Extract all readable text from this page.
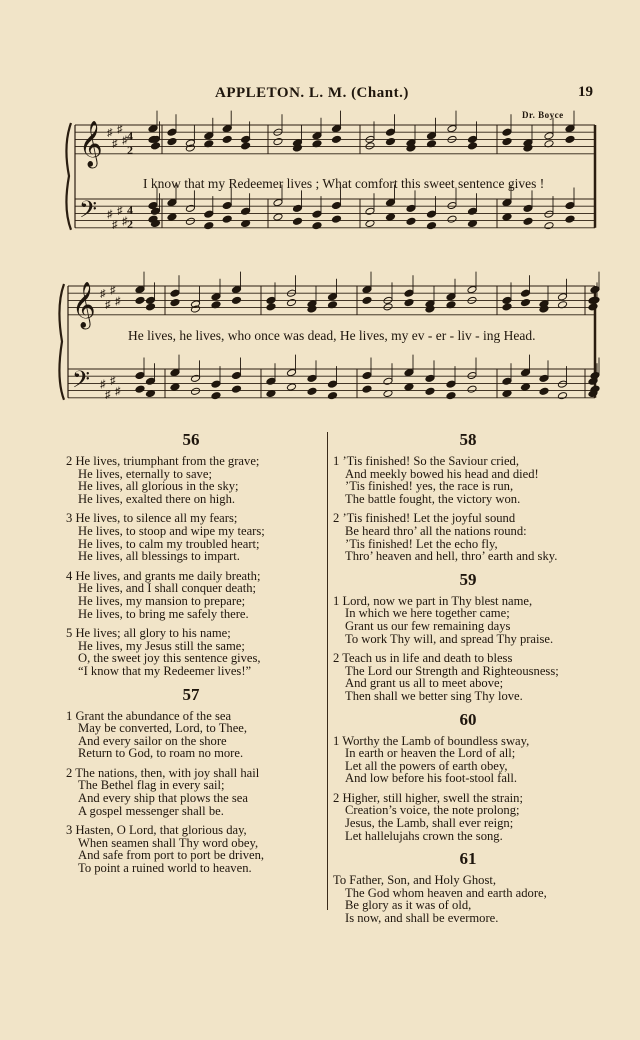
APPLETON. L. M. (Chant.)	19
Dr. Boyce
𝄞
𝄢
♯
♯
♯
♯
♯
♯
♯
♯
4
4
2
2
𝄞
𝄢
♯
♯
♯
♯
♯
♯
♯
♯
I know that my Redeemer lives ; What comfort this sweet sentence gives !
He lives, he lives, who once was dead, He lives, my ev - er - liv - ing Head.
56
2 He lives, triumphant from the grave;
He lives, eternally to save;
He lives, all glorious in the sky;
He lives, exalted there on high.
3 He lives, to silence all my fears;
He lives, to stoop and wipe my tears;
He lives, to calm my troubled heart;
He lives, all blessings to impart.
4 He lives, and grants me daily breath;
He lives, and I shall conquer death;
He lives, my mansion to prepare;
He lives, to bring me safely there.
5 He lives; all glory to his name;
He lives, my Jesus still the same;
O, the sweet joy this sentence gives,
“I know that my Redeemer lives!”
57
1 Grant the abundance of the sea
May be converted, Lord, to Thee,
And every sailor on the shore
Return to God, to roam no more.
2 The nations, then, with joy shall hail
The Bethel flag in every sail;
And every ship that plows the sea
A gospel messenger shall be.
3 Hasten, O Lord, that glorious day,
When seamen shall Thy word obey,
And safe from port to port be driven,
To point a ruined world to heaven.
58
1 ’Tis finished! So the Saviour cried,
And meekly bowed his head and died!
’Tis finished! yes, the race is run,
The battle fought, the victory won.
2 ’Tis finished! Let the joyful sound
Be heard thro’ all the nations round:
’Tis finished! Let the echo fly,
Thro’ heaven and hell, thro’ earth and sky.
59
1 Lord, now we part in Thy blest name,
In which we here together came;
Grant us our few remaining days
To work Thy will, and spread Thy praise.
2 Teach us in life and death to bless
The Lord our Strength and Righteousness;
And grant us all to meet above;
Then shall we better sing Thy love.
60
1 Worthy the Lamb of boundless sway,
In earth or heaven the Lord of all;
Let all the powers of earth obey,
And low before his foot-stool fall.
2 Higher, still higher, swell the strain;
Creation’s voice, the note prolong;
Jesus, the Lamb, shall ever reign;
Let hallelujahs crown the song.
61
To Father, Son, and Holy Ghost,
The God whom heaven and earth adore,
Be glory as it was of old,
Is now, and shall be evermore.
